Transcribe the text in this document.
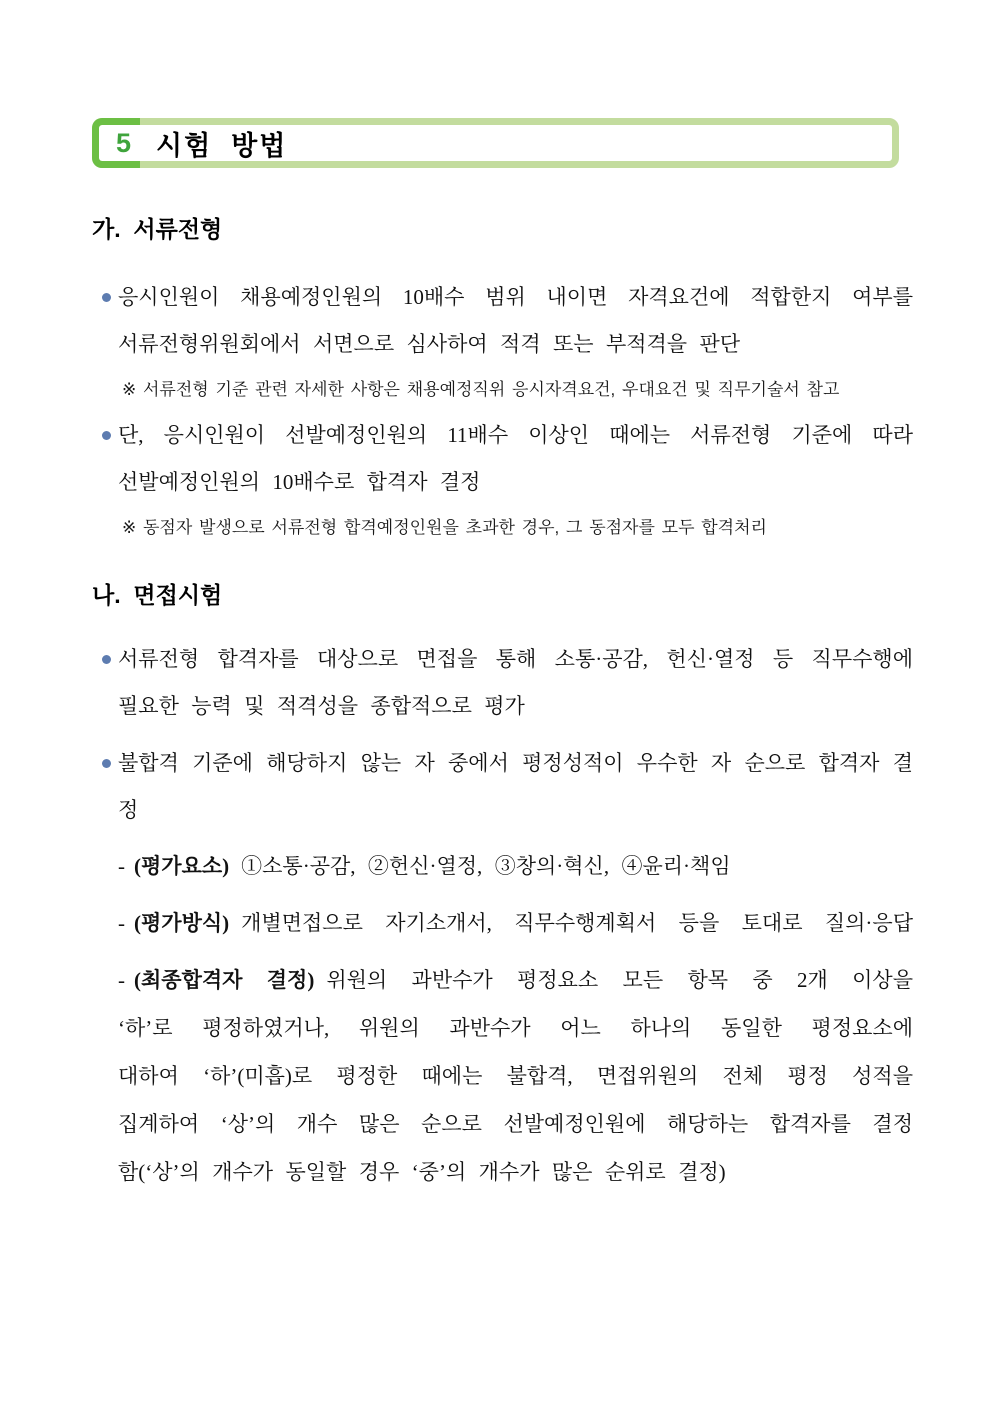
5 시험  방법
가.  서류전형
응시인원이 채용예정인원의 10배수 범위 내이면 자격요건에 적합한지 여부를
서류전형위원회에서 서면으로 심사하여 적격 또는 부적격을 판단
※ 서류전형 기준 관련 자세한 사항은 채용예정직위 응시자격요건, 우대요건 및 직무기술서 참고
단, 응시인원이 선발예정인원의 11배수 이상인 때에는 서류전형 기준에 따라
선발예정인원의 10배수로 합격자 결정
※ 동점자 발생으로 서류전형 합격예정인원을 초과한 경우, 그 동점자를 모두 합격처리
나.  면접시험
서류전형 합격자를 대상으로 면접을 통해 소통·공감, 헌신·열정 등 직무수행에
필요한 능력 및 적격성을 종합적으로 평가
불합격 기준에 해당하지 않는 자 중에서 평정성적이 우수한 자 순으로 합격자 결정
- (평가요소) ①소통·공감, ②헌신·열정, ③창의·혁신, ④윤리·책임
- (평가방식) 개별면접으로 자기소개서, 직무수행계획서 등을 토대로 질의·응답
- (최종합격자 결정) 위원의 과반수가 평정요소 모든 항목 중 2개 이상을
‘하’로 평정하였거나, 위원의 과반수가 어느 하나의 동일한 평정요소에
대하여 ‘하’(미흡)로 평정한 때에는 불합격, 면접위원의 전체 평정 성적을
집계하여 ‘상’의 개수 많은 순으로 선발예정인원에 해당하는 합격자를 결정
함(‘상’의 개수가 동일할 경우 ‘중’의 개수가 많은 순위로 결정)
